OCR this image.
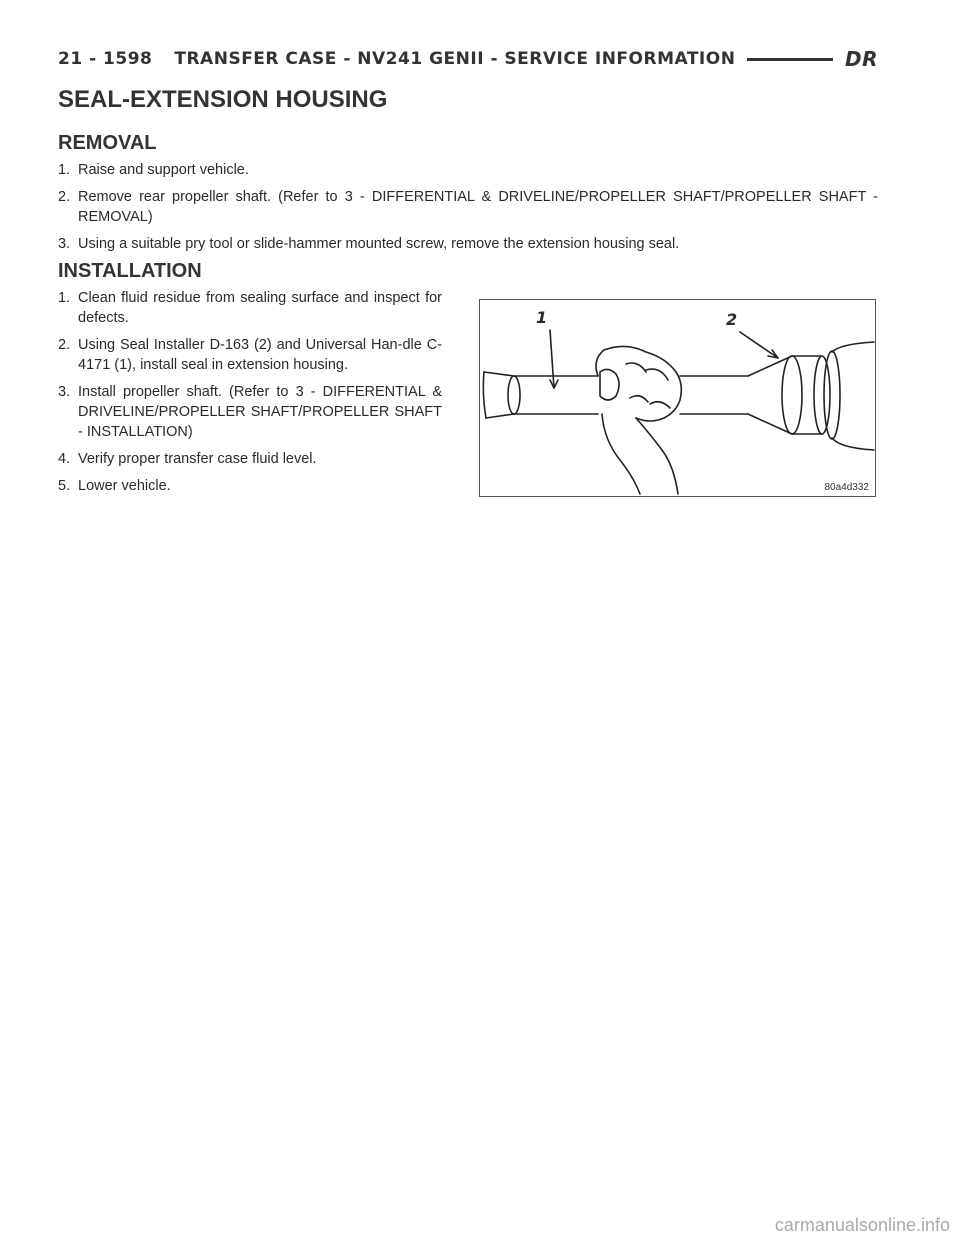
21 - 1598 TRANSFER CASE - NV241 GENII - SERVICE INFORMATION	DR
SEAL-EXTENSION HOUSING
REMOVAL
1. Raise and support vehicle.
2. Remove rear propeller shaft. (Refer to 3 - DIFFERENTIAL & DRIVELINE/PROPELLER SHAFT/PROPELLER SHAFT - REMOVAL)
3. Using a suitable pry tool or slide-hammer mounted screw, remove the extension housing seal.
INSTALLATION
1. Clean fluid residue from sealing surface and inspect for defects.
2. Using Seal Installer D-163 (2) and Universal Han-dle C-4171 (1), install seal in extension housing.
3. Install propeller shaft. (Refer to 3 - DIFFERENTIAL & DRIVELINE/PROPELLER SHAFT/PROPELLER SHAFT - INSTALLATION)
4. Verify proper transfer case fluid level.
5. Lower vehicle.
1	2
80a4d332
carmanualsonline.info
